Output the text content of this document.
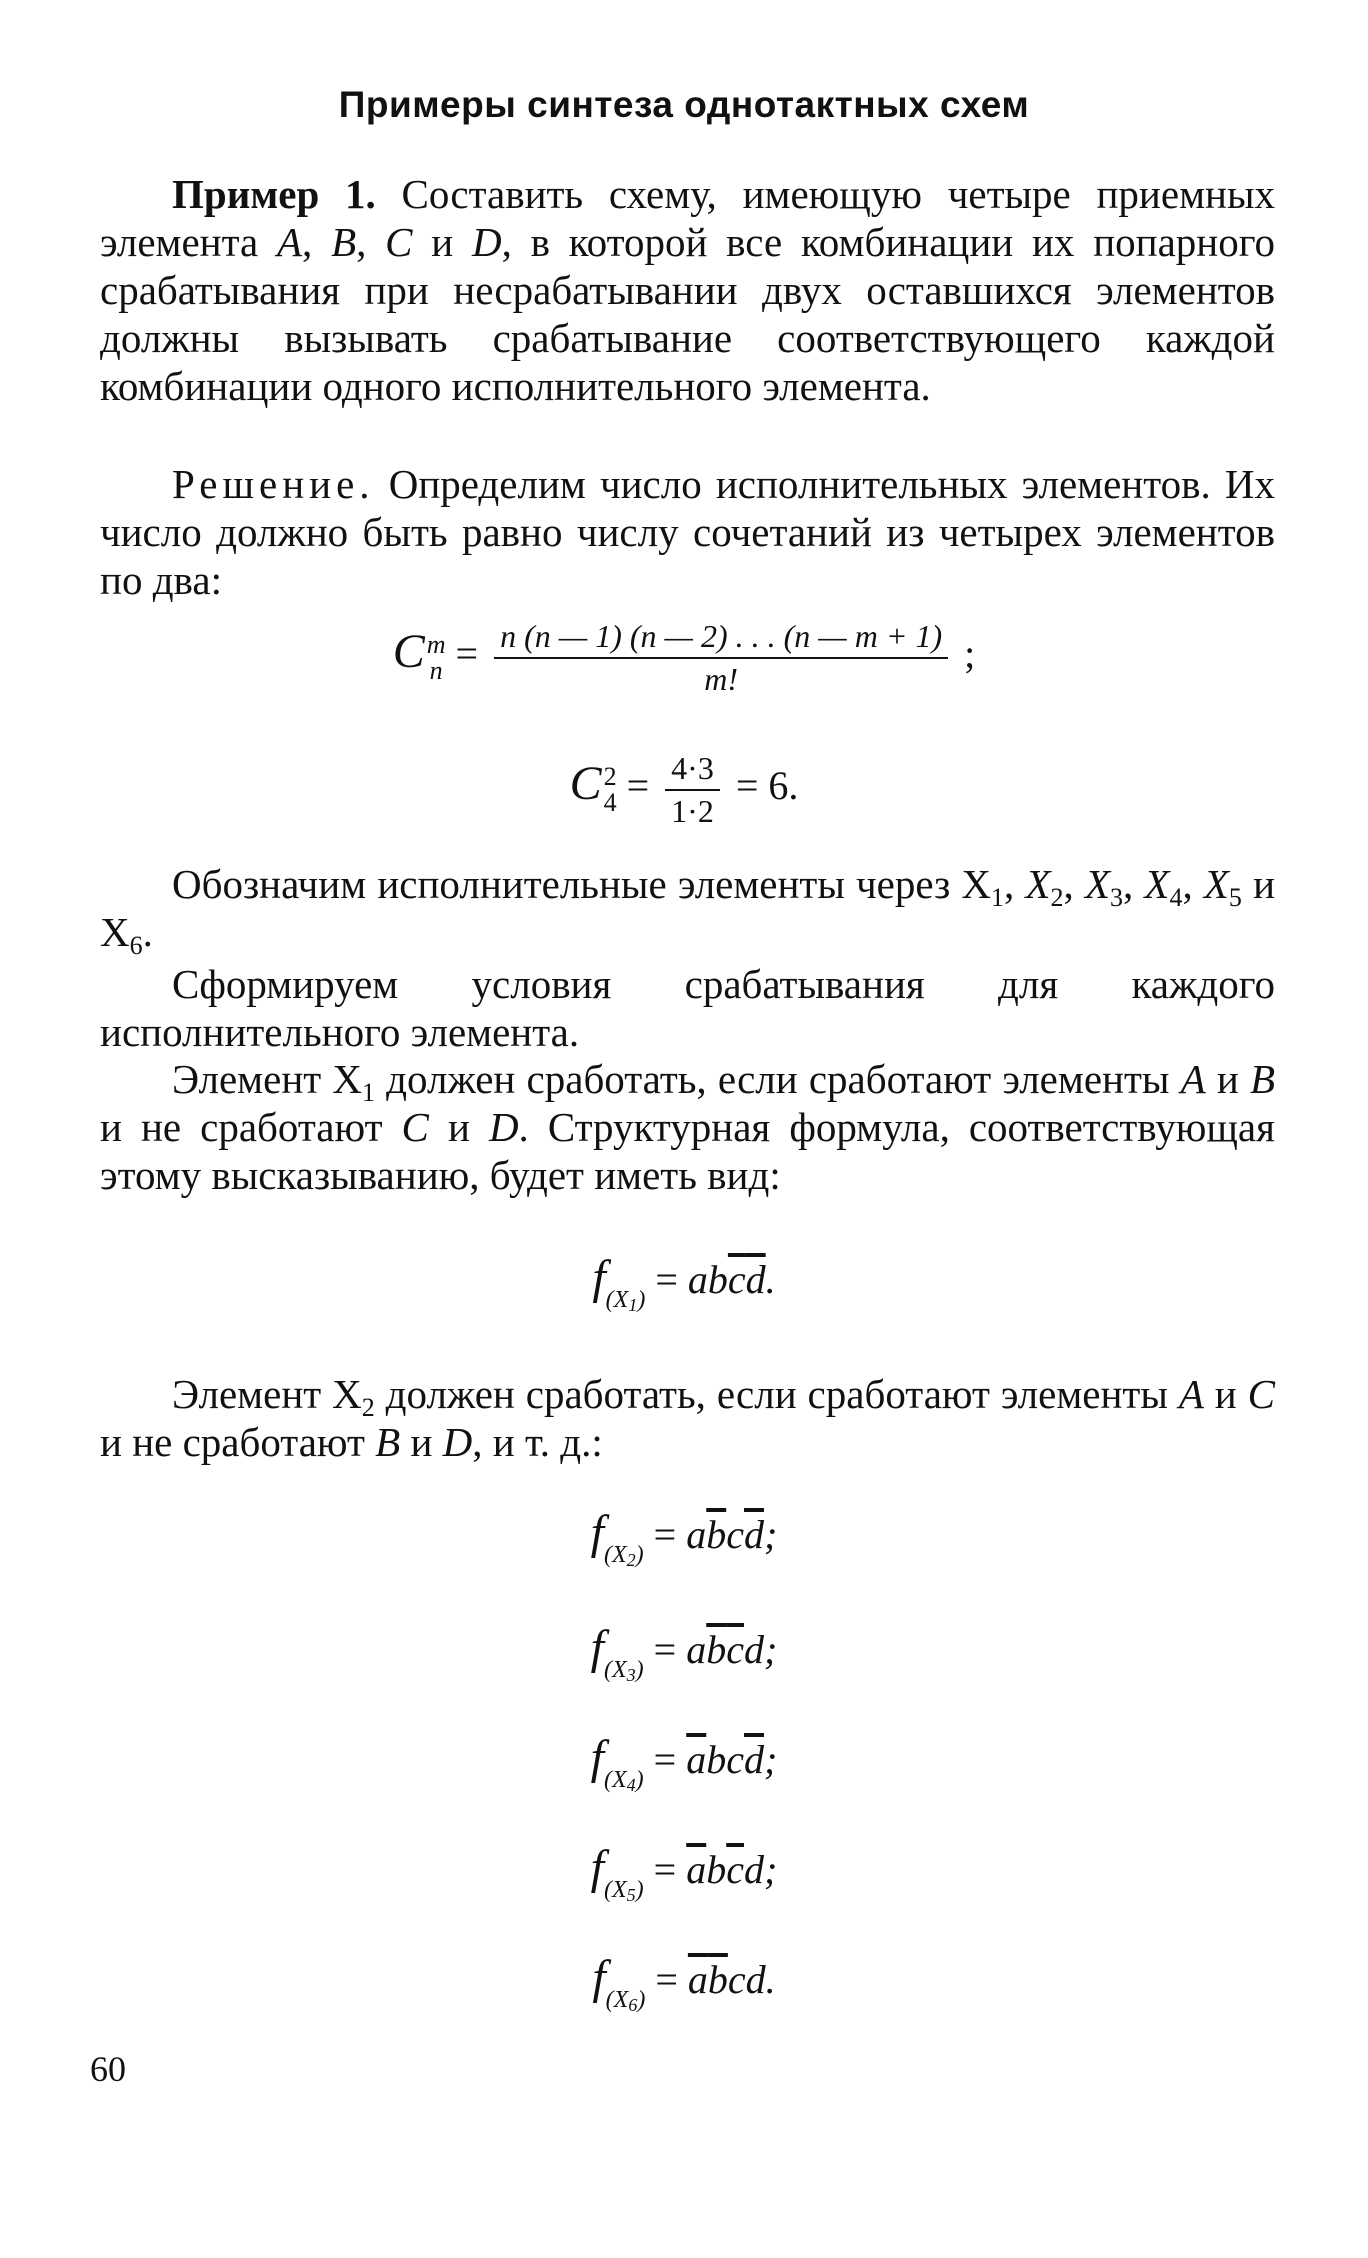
Примеры синтеза однотактных схем

Пример 1. Составить схему, имеющую четыре приемных элемента A, B, C и D, в которой все комбинации их попарного срабатывания при несрабатывании двух оставшихся элементов должны вызывать срабатывание соответствующего каждой комбинации одного исполнительного элемента.

Решение. Определим число исполнительных элементов. Их число должно быть равно числу сочетаний из четырех элементов по два:

C m
$n = \frac{n (n — 1) (n — 2) . . . (n — m + 1)}{m!}$ ;
C 2
$4 = \frac{4\cdot 3}{1\cdot 2} = 6$.

Обозначим исполнительные элементы через $X_1$, $X_2$, $X_3$, $X_4$, $X_5$ и $X_6$.

Сформируем условия срабатывания для каждого исполнительного элемента.

Элемент $X_1$ должен сработать, если сработают элементы A и B и не сработают C и D. Структурная формула, соответствующая этому высказыванию, будет иметь вид:

$f_{(X_1)} = ab\overline{c}\overline{d}$.

Элемент $X_2$ должен сработать, если сработают элементы A и C и не сработают B и D, и т. д.:

$f_{(X_2)} = a\overline{b}c\overline{d}$;
$f_{(X_3)} = a\overline{b}\overline{c}d$;
$f_{(X_4)} = \overline{a}bc\overline{d}$;
$f_{(X_5)} = \overline{a}b\overline{c}d$;
$f_{(X_6)} = \overline{a}\overline{b}cd$.
60
